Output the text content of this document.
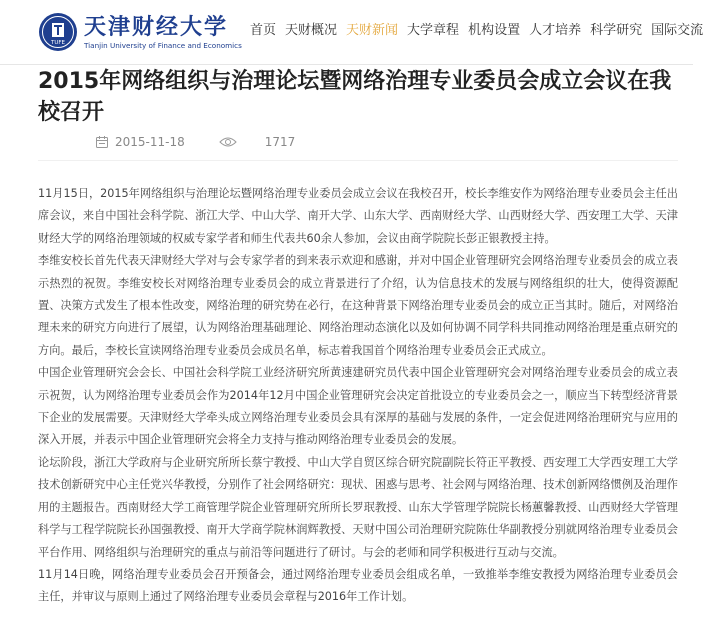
TUFE
天津财经大学
Tianjin University of Finance and Economics
首页 天财概况 天财新闻 大学章程 机构设置 人才培养 科学研究 国际交流
2015年网络组织与治理论坛暨网络治理专业委员会成立会议在我校召开
2015-11-18	1717

11月15日，2015年网络组织与治理论坛暨网络治理专业委员会成立会议在我校召开，校长李维安作为网络治理专业委员会主任出席会议，来自中国社会科学院、浙江大学、中山大学、南开大学、山东大学、西南财经大学、山西财经大学、西安理工大学、天津财经大学的网络治理领域的权威专家学者和师生代表共60余人参加，会议由商学院院长彭正银教授主持。

李维安校长首先代表天津财经大学对与会专家学者的到来表示欢迎和感谢，并对中国企业管理研究会网络治理专业委员会的成立表示热烈的祝贺。李维安校长对网络治理专业委员会的成立背景进行了介绍，认为信息技术的发展与网络组织的壮大，使得资源配置、决策方式发生了根本性改变，网络治理的研究势在必行，在这种背景下网络治理专业委员会的成立正当其时。随后，对网络治理未来的研究方向进行了展望，认为网络治理基础理论、网络治理动态演化以及如何协调不同学科共同推动网络治理是重点研究的方向。最后，李校长宣读网络治理专业委员会成员名单，标志着我国首个网络治理专业委员会正式成立。

中国企业管理研究会会长、中国社会科学院工业经济研究所黄速建研究员代表中国企业管理研究会对网络治理专业委员会的成立表示祝贺，认为网络治理专业委员会作为2014年12月中国企业管理研究会决定首批设立的专业委员会之一，顺应当下转型经济背景下企业的发展需要。天津财经大学牵头成立网络治理专业委员会具有深厚的基础与发展的条件，一定会促进网络治理研究与应用的深入开展，并表示中国企业管理研究会将全力支持与推动网络治理专业委员会的发展。

论坛阶段，浙江大学政府与企业研究所所长蔡宁教授、中山大学自贸区综合研究院副院长符正平教授、西安理工大学西安理工大学技术创新研究中心主任党兴华教授，分别作了社会网络研究：现状、困惑与思考、社会网与网络治理、技术创新网络惯例及治理作用的主题报告。西南财经大学工商管理学院企业管理研究所所长罗珉教授、山东大学管理学院院长杨蕙馨教授、山西财经大学管理科学与工程学院院长孙国强教授、南开大学商学院林润辉教授、天财中国公司治理研究院陈仕华副教授分别就网络治理专业委员会平台作用、网络组织与治理研究的重点与前沿等问题进行了研讨。与会的老师和同学积极进行互动与交流。

11月14日晚，网络治理专业委员会召开预备会，通过网络治理专业委员会组成名单，一致推举李维安教授为网络治理专业委员会主任，并审议与原则上通过了网络治理专业委员会章程与2016年工作计划。
